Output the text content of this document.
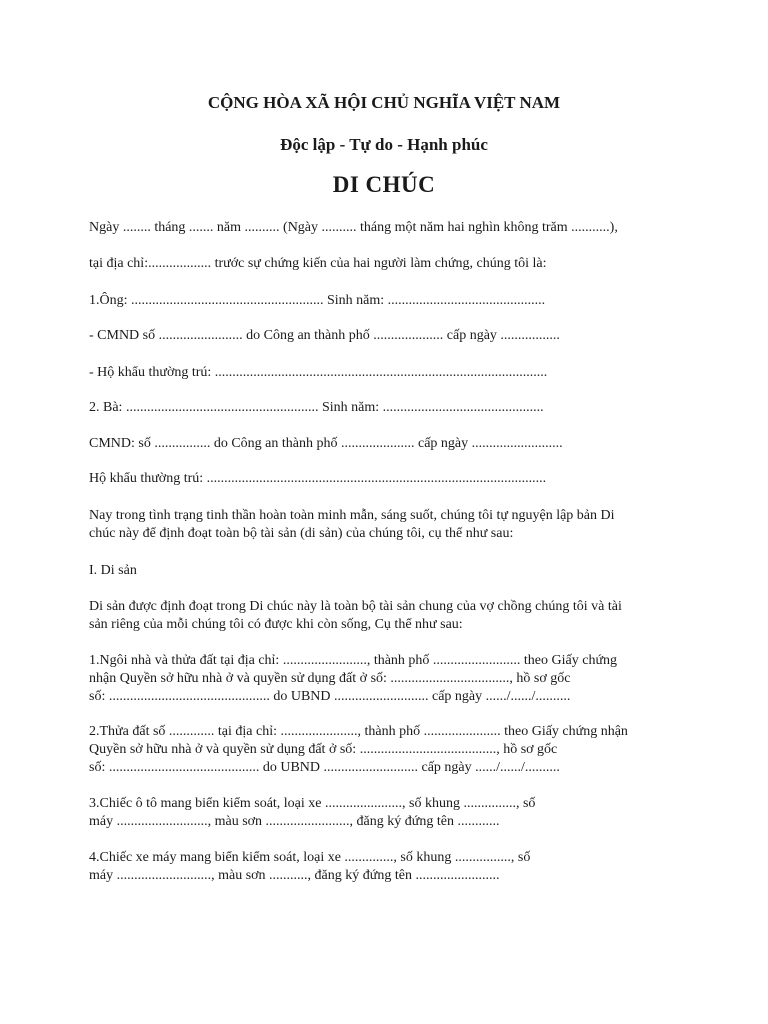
CỘNG HÒA XÃ HỘI CHỦ NGHĨA VIỆT NAM
Độc lập - Tự do - Hạnh phúc
DI CHÚC
Ngày ........ tháng ....... năm .......... (Ngày .......... tháng một năm hai nghìn không trăm ...........),
tại địa chỉ:.................. trước sự chứng kiến của hai người làm chứng, chúng tôi là:
1.Ông: ....................................................... Sinh năm: .............................................
- CMND số ........................ do Công an thành phố .................... cấp ngày .................
- Hộ khẩu thường trú: ...............................................................................................
2. Bà: ....................................................... Sinh năm: ..............................................
CMND: số ................ do Công an thành phố ..................... cấp ngày ..........................
Hộ khẩu thường trú: .................................................................................................
Nay trong tình trạng tinh thần hoàn toàn minh mẫn, sáng suốt, chúng tôi tự nguyện lập bản Di
chúc này để định đoạt toàn bộ tài sản (di sản) của chúng tôi, cụ thể như sau:
I. Di sản
Di sản được định đoạt trong Di chúc này là toàn bộ tài sản chung của vợ chồng chúng tôi và tài
sản riêng của mỗi chúng tôi có được khi còn sống, Cụ thể như sau:
1.Ngôi nhà và thửa đất tại địa chỉ: ........................, thành phố ......................... theo Giấy chứng
nhận Quyền sở hữu nhà ở và quyền sử dụng đất ở số: .................................., hồ sơ gốc
số: .............................................. do UBND ........................... cấp ngày ....../....../..........
2.Thửa đất số ............. tại địa chỉ: ......................, thành phố ...................... theo Giấy chứng nhận
Quyền sở hữu nhà ở và quyền sử dụng đất ở số: ......................................., hồ sơ gốc
số: ........................................... do UBND ........................... cấp ngày ....../....../..........
3.Chiếc ô tô mang biển kiểm soát, loại xe ......................, số khung ..............., số
máy .........................., màu sơn ........................, đăng ký đứng tên ............
4.Chiếc xe máy mang biển kiểm soát, loại xe .............., số khung ................, số
máy ..........................., màu sơn ..........., đăng ký đứng tên ........................
